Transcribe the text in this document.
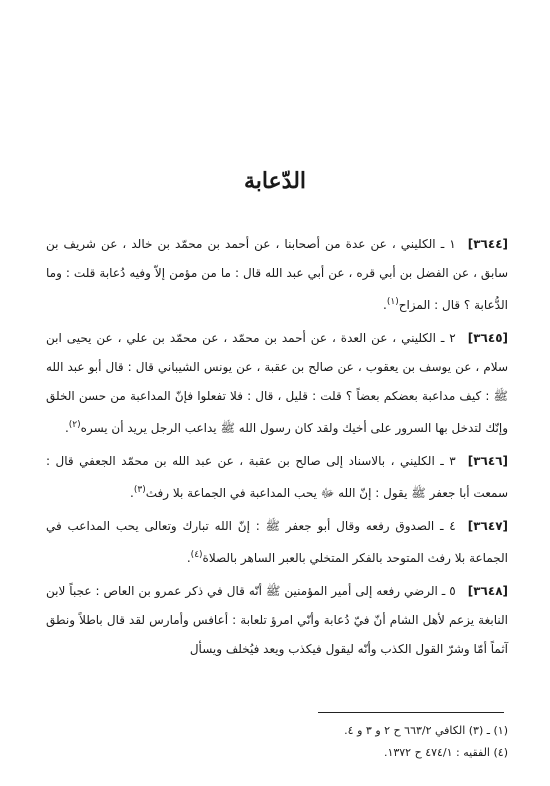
الدّعابة

[٣٦٤٤]١ ـ الكليني ، عن عدة من أصحابنا ، عن أحمد بن محمّد بن خالد ، عن شريف بن سابق ، عن الفضل بن أبي قره ، عن أبي عبد الله قال : ما من مؤمن إلاّ وفيه دُعابة قلت : وما الدُّعابة ؟ قال : المزاح$^{(١)}$.

[٣٦٤٥]٢ ـ الكليني ، عن العدة ، عن أحمد بن محمّد ، عن محمّد بن علي ، عن يحيى ابن سلام ، عن يوسف بن يعقوب ، عن صالح بن عقبة ، عن يونس الشيباني قال : قال أبو عبد الله ﷺ : كيف مداعبة بعضكم بعضاً ؟ قلت : قليل ، قال : فلا تفعلوا فإنّ المداعبة من حسن الخلق وإنّك لتدخل بها السرور على أخيك ولقد كان رسول الله ﷺ يداعب الرجل يريد أن يسره$^{(٢)}$.

[٣٦٤٦]٣ ـ الكليني ، بالاسناد إلى صالح بن عقبة ، عن عبد الله بن محمّد الجعفي قال : سمعت أبا جعفر ﷺ يقول : إنّ الله ﷻ يحب المداعبة في الجماعة بلا رفث$^{(٣)}$.

[٣٦٤٧]٤ ـ الصدوق رفعه وقال أبو جعفر ﷺ : إنّ الله تبارك وتعالى يحب المداعب في الجماعة بلا رفث المتوحد بالفكر المتخلي بالعبر الساهر بالصلاة$^{(٤)}$.

[٣٦٤٨]٥ ـ الرضي رفعه إلى أمير المؤمنين ﷺ أنّه قال في ذكر عمرو بن العاص : عجباً لابن النابغة يزعم لأهل الشام أنّ فيّ دُعابة وأنّي امرؤ تلعابة : أعافس وأمارس لقد قال باطلاً ونطق آثماً أمّا وشرّ القول الكذب وأنّه ليقول فيكذب ويعد فيُخلف ويسأل

(١) ـ (٣) الكافي ٦٦٣/٢ ح ٢ و ٣ و ٤.
(٤) الفقيه : ٤٧٤/١ ح ١٣٧٢.
